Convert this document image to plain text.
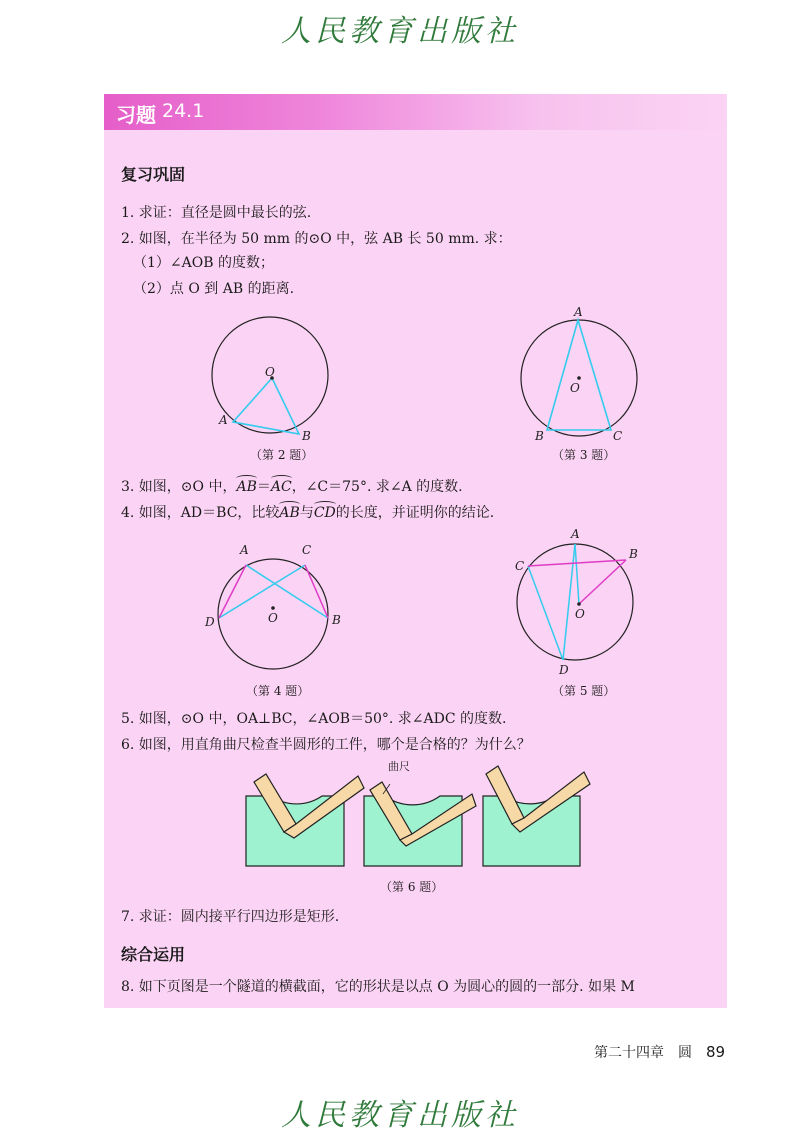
人民教育出版社
习题 24.1
复习巩固
1. 求证：直径是圆中最长的弦.
2. 如图，在半径为 50 mm 的⊙O 中，弦 AB 长 50 mm. 求：
（1）∠AOB 的度数；
（2）点 O 到 AB 的距离.
O
A
B
（第 2 题）
A
O
B	C
（第 3 题）
3. 如图，⊙O 中，AB＝AC，∠C＝75°. 求∠A 的度数.
4. 如图，AD＝BC，比较AB与CD的长度，并证明你的结论.
A	C
D	B
O
（第 4 题）
A
B
C
O
D
（第 5 题）
5. 如图，⊙O 中，OA⊥BC，∠AOB＝50°. 求∠ADC 的度数.
6. 如图，用直角曲尺检查半圆形的工件，哪个是合格的？为什么？
曲尺
（第 6 题）
7. 求证：圆内接平行四边形是矩形.
综合运用
8. 如下页图是一个隧道的横截面，它的形状是以点 O 为圆心的圆的一部分. 如果 M
第二十四章　圆 89
人民教育出版社
